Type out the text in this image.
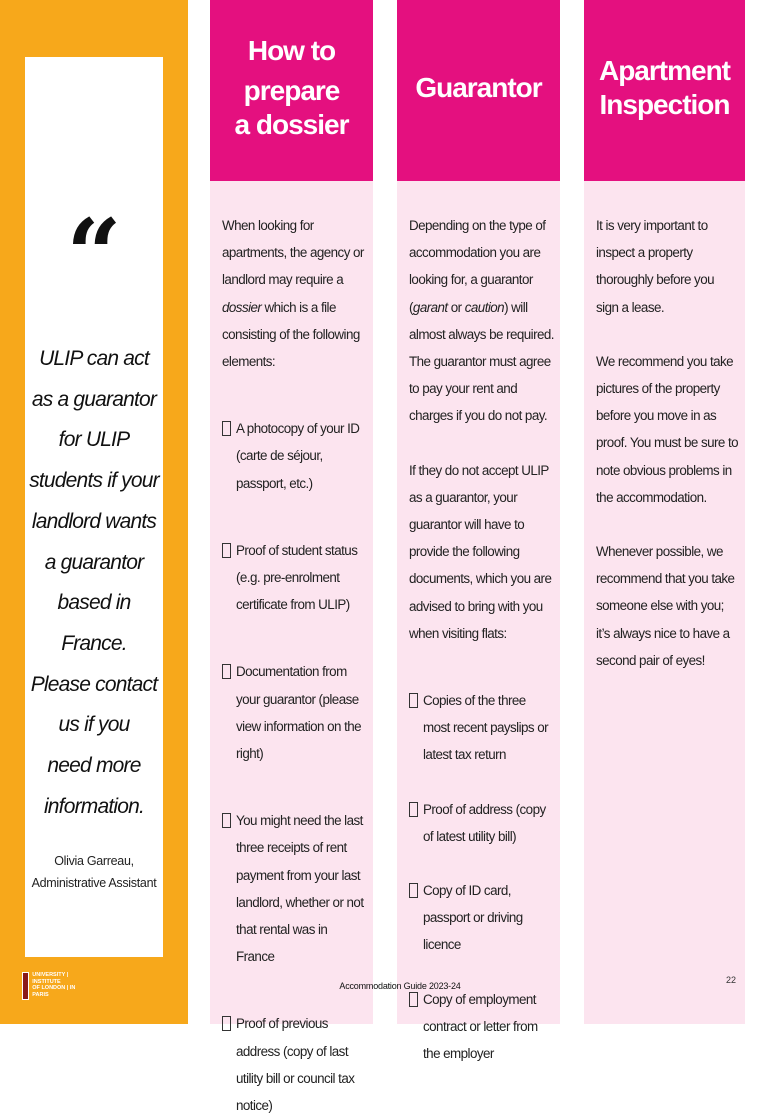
“
ULIP can act
as a guarantor
for ULIP
students if your
landlord wants
a guarantor
based in France.
Please contact
us if you
need more
information.
Olivia Garreau,
Administrative Assistant
UNIVERSITY | INSTITUTE
OF LONDON | IN PARIS
How to prepare
a dossier

When looking for apartments, the agency or landlord may require a dossier which is a file consisting of the following elements:

A photocopy of your ID (carte de séjour, passport, etc.)
Proof of student status (e.g. pre-enrolment certificate from ULIP)
Documentation from your guarantor (please view information on the right)
You might need the last three receipts of rent payment from your last landlord, whether or not that rental was in France
Proof of previous address (copy of last utility bill or council tax notice)
Guarantor

Depending on the type of accommodation you are looking for, a guarantor (garant or caution) will almost always be required. The guarantor must agree to pay your rent and charges if you do not pay.

If they do not accept ULIP as a guarantor, your guarantor will have to provide the following documents, which you are advised to bring with you when visiting flats:

Copies of the three most recent payslips or latest tax return
Proof of address (copy of latest utility bill)
Copy of ID card, passport or driving licence
Copy of employment contract or letter from the employer
Apartment
Inspection

It is very important to inspect a property thoroughly before you sign a lease.

We recommend you take pictures of the property before you move in as proof. You must be sure to note obvious problems in the accommodation.

Whenever possible, we recommend that you take someone else with you; it’s always nice to have a second pair of eyes!

Accommodation Guide 2023-24
22
